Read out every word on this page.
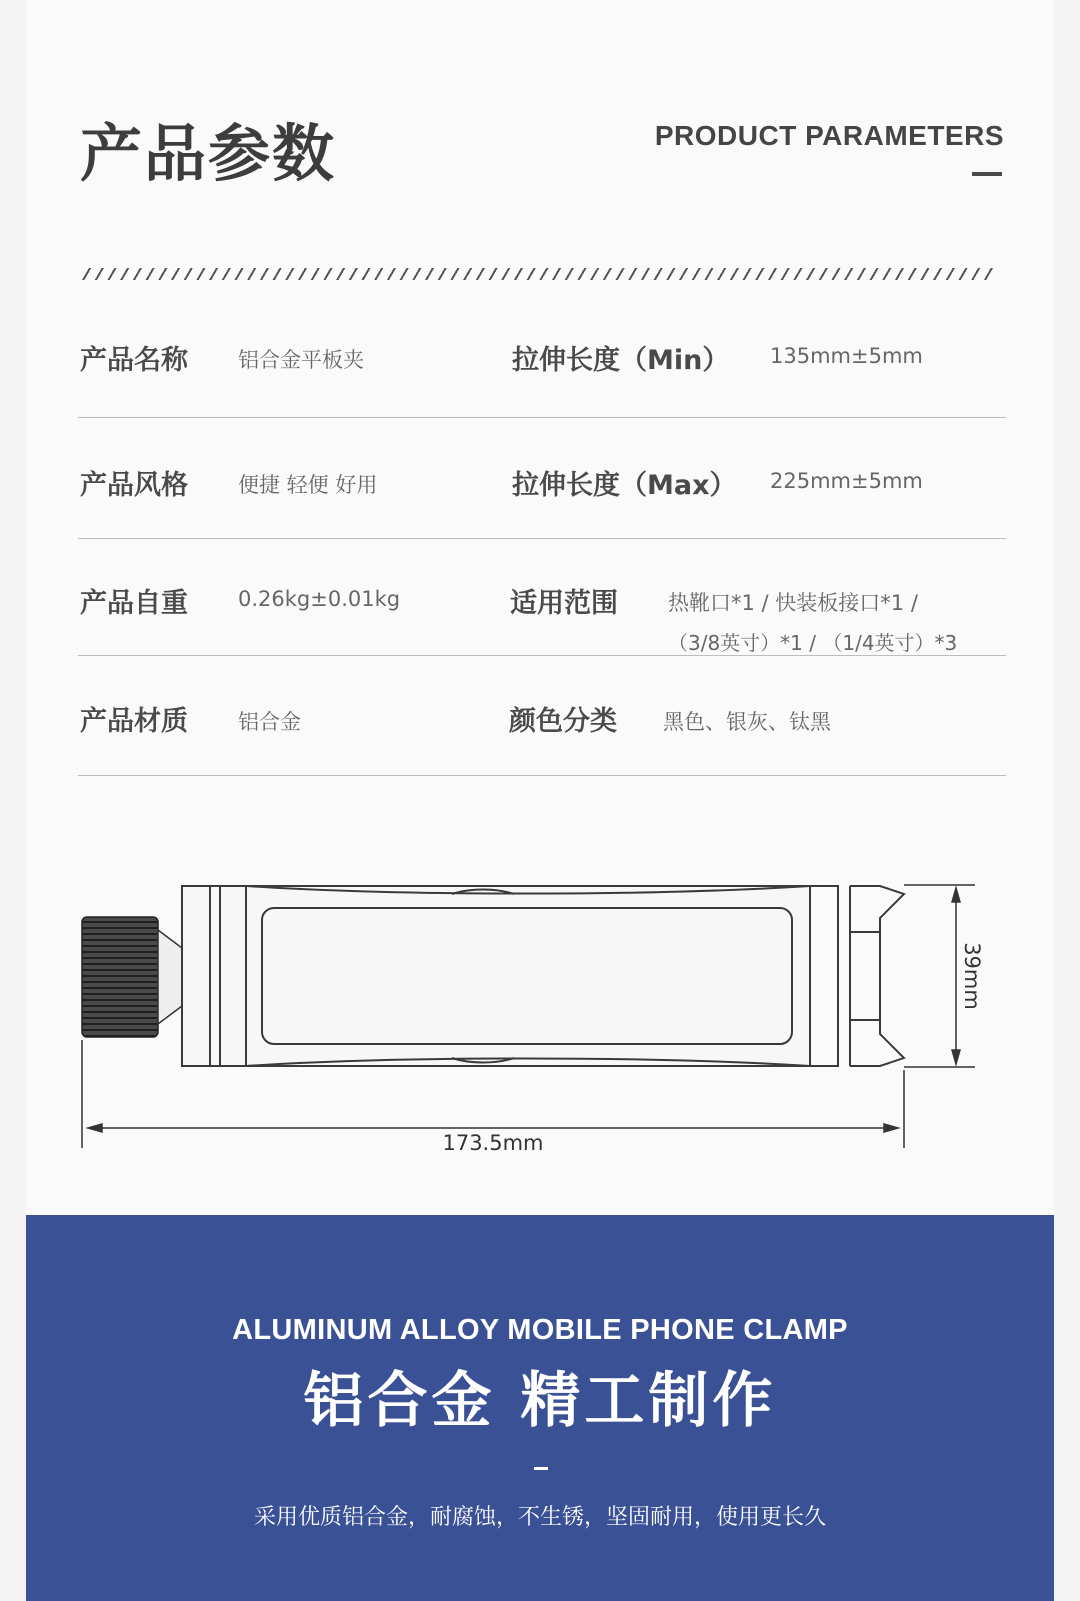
产品参数	PRODUCT PARAMETERS
产品名称 铝合金平板夹	拉伸长度（Min） 135mm±5mm
产品风格 便捷 轻便 好用	拉伸长度（Max） 225mm±5mm
产品自重 0.26kg±0.01kg	适用范围 热靴口*1 / 快装板接口*1 /
（3/8英寸）*1 / （1/4英寸）*3
产品材质 铝合金	颜色分类 黑色、银灰、钛黑
173.5mm
39mm
ALUMINUM ALLOY MOBILE PHONE CLAMP
铝合金 精工制作
采用优质铝合金，耐腐蚀，不生锈，坚固耐用，使用更长久
